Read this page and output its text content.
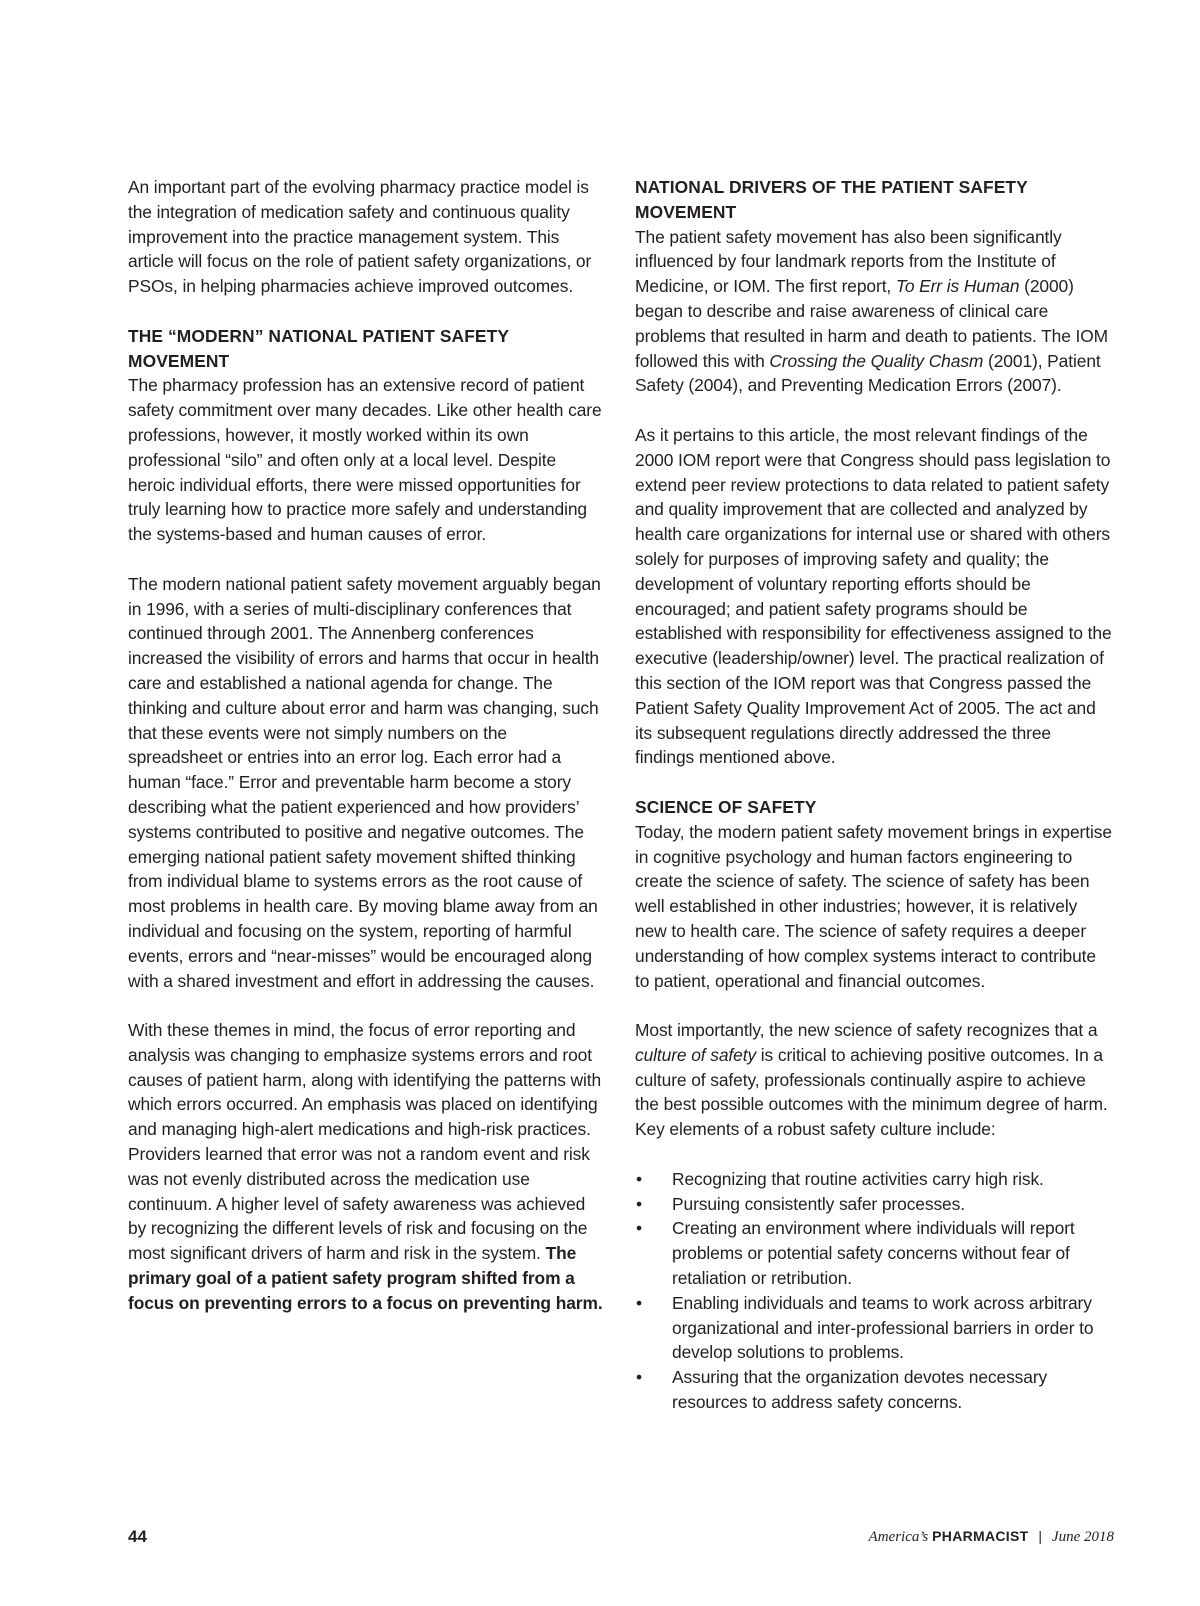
An important part of the evolving pharmacy practice model is the integration of medication safety and continuous quality improvement into the practice management system. This article will focus on the role of patient safety organizations, or PSOs, in helping pharmacies achieve improved outcomes.

THE “MODERN” NATIONAL PATIENT SAFETY MOVEMENT

The pharmacy profession has an extensive record of patient safety commitment over many decades. Like other health care professions, however, it mostly worked within its own professional “silo” and often only at a local level. Despite heroic individual efforts, there were missed opportunities for truly learning how to practice more safely and understanding the systems-based and human causes of error.

The modern national patient safety movement arguably began in 1996, with a series of multi-disciplinary conferences that continued through 2001. The Annenberg conferences increased the visibility of errors and harms that occur in health care and established a national agenda for change. The thinking and culture about error and harm was changing, such that these events were not simply numbers on the spreadsheet or entries into an error log. Each error had a human “face.” Error and preventable harm become a story describing what the patient experienced and how providers’ systems contributed to positive and negative outcomes. The emerging national patient safety movement shifted thinking from individual blame to systems errors as the root cause of most problems in health care. By moving blame away from an individual and focusing on the system, reporting of harmful events, errors and “near-misses” would be encouraged along with a shared investment and effort in addressing the causes.

With these themes in mind, the focus of error reporting and analysis was changing to emphasize systems errors and root causes of patient harm, along with identifying the patterns with which errors occurred. An emphasis was placed on identifying and managing high-alert medications and high-risk practices. Providers learned that error was not a random event and risk was not evenly distributed across the medication use continuum. A higher level of safety awareness was achieved by recognizing the different levels of risk and focusing on the most significant drivers of harm and risk in the system. The primary goal of a patient safety program shifted from a focus on preventing errors to a focus on preventing harm.

NATIONAL DRIVERS OF THE PATIENT SAFETY MOVEMENT

The patient safety movement has also been significantly influenced by four landmark reports from the Institute of Medicine, or IOM. The first report, To Err is Human (2000) began to describe and raise awareness of clinical care problems that resulted in harm and death to patients. The IOM followed this with Crossing the Quality Chasm (2001), Patient Safety (2004), and Preventing Medication Errors (2007).

As it pertains to this article, the most relevant findings of the 2000 IOM report were that Congress should pass legislation to extend peer review protections to data related to patient safety and quality improvement that are collected and analyzed by health care organizations for internal use or shared with others solely for purposes of improving safety and quality; the development of voluntary reporting efforts should be encouraged; and patient safety programs should be established with responsibility for effectiveness assigned to the executive (leadership/owner) level. The practical realization of this section of the IOM report was that Congress passed the Patient Safety Quality Improvement Act of 2005. The act and its subsequent regulations directly addressed the three findings mentioned above.

SCIENCE OF SAFETY

Today, the modern patient safety movement brings in expertise in cognitive psychology and human factors engineering to create the science of safety. The science of safety has been well established in other industries; however, it is relatively new to health care. The science of safety requires a deeper understanding of how complex systems interact to contribute to patient, operational and financial outcomes.

Most importantly, the new science of safety recognizes that a culture of safety is critical to achieving positive outcomes. In a culture of safety, professionals continually aspire to achieve the best possible outcomes with the minimum degree of harm. Key elements of a robust safety culture include:

• Recognizing that routine activities carry high risk.
• Pursuing consistently safer processes.
• Creating an environment where individuals will report problems or potential safety concerns without fear of retaliation or retribution.
• Enabling individuals and teams to work across arbitrary organizational and inter-professional barriers in order to develop solutions to problems.
• Assuring that the organization devotes necessary resources to address safety concerns.
44	America’s PHARMACIST | June 2018
